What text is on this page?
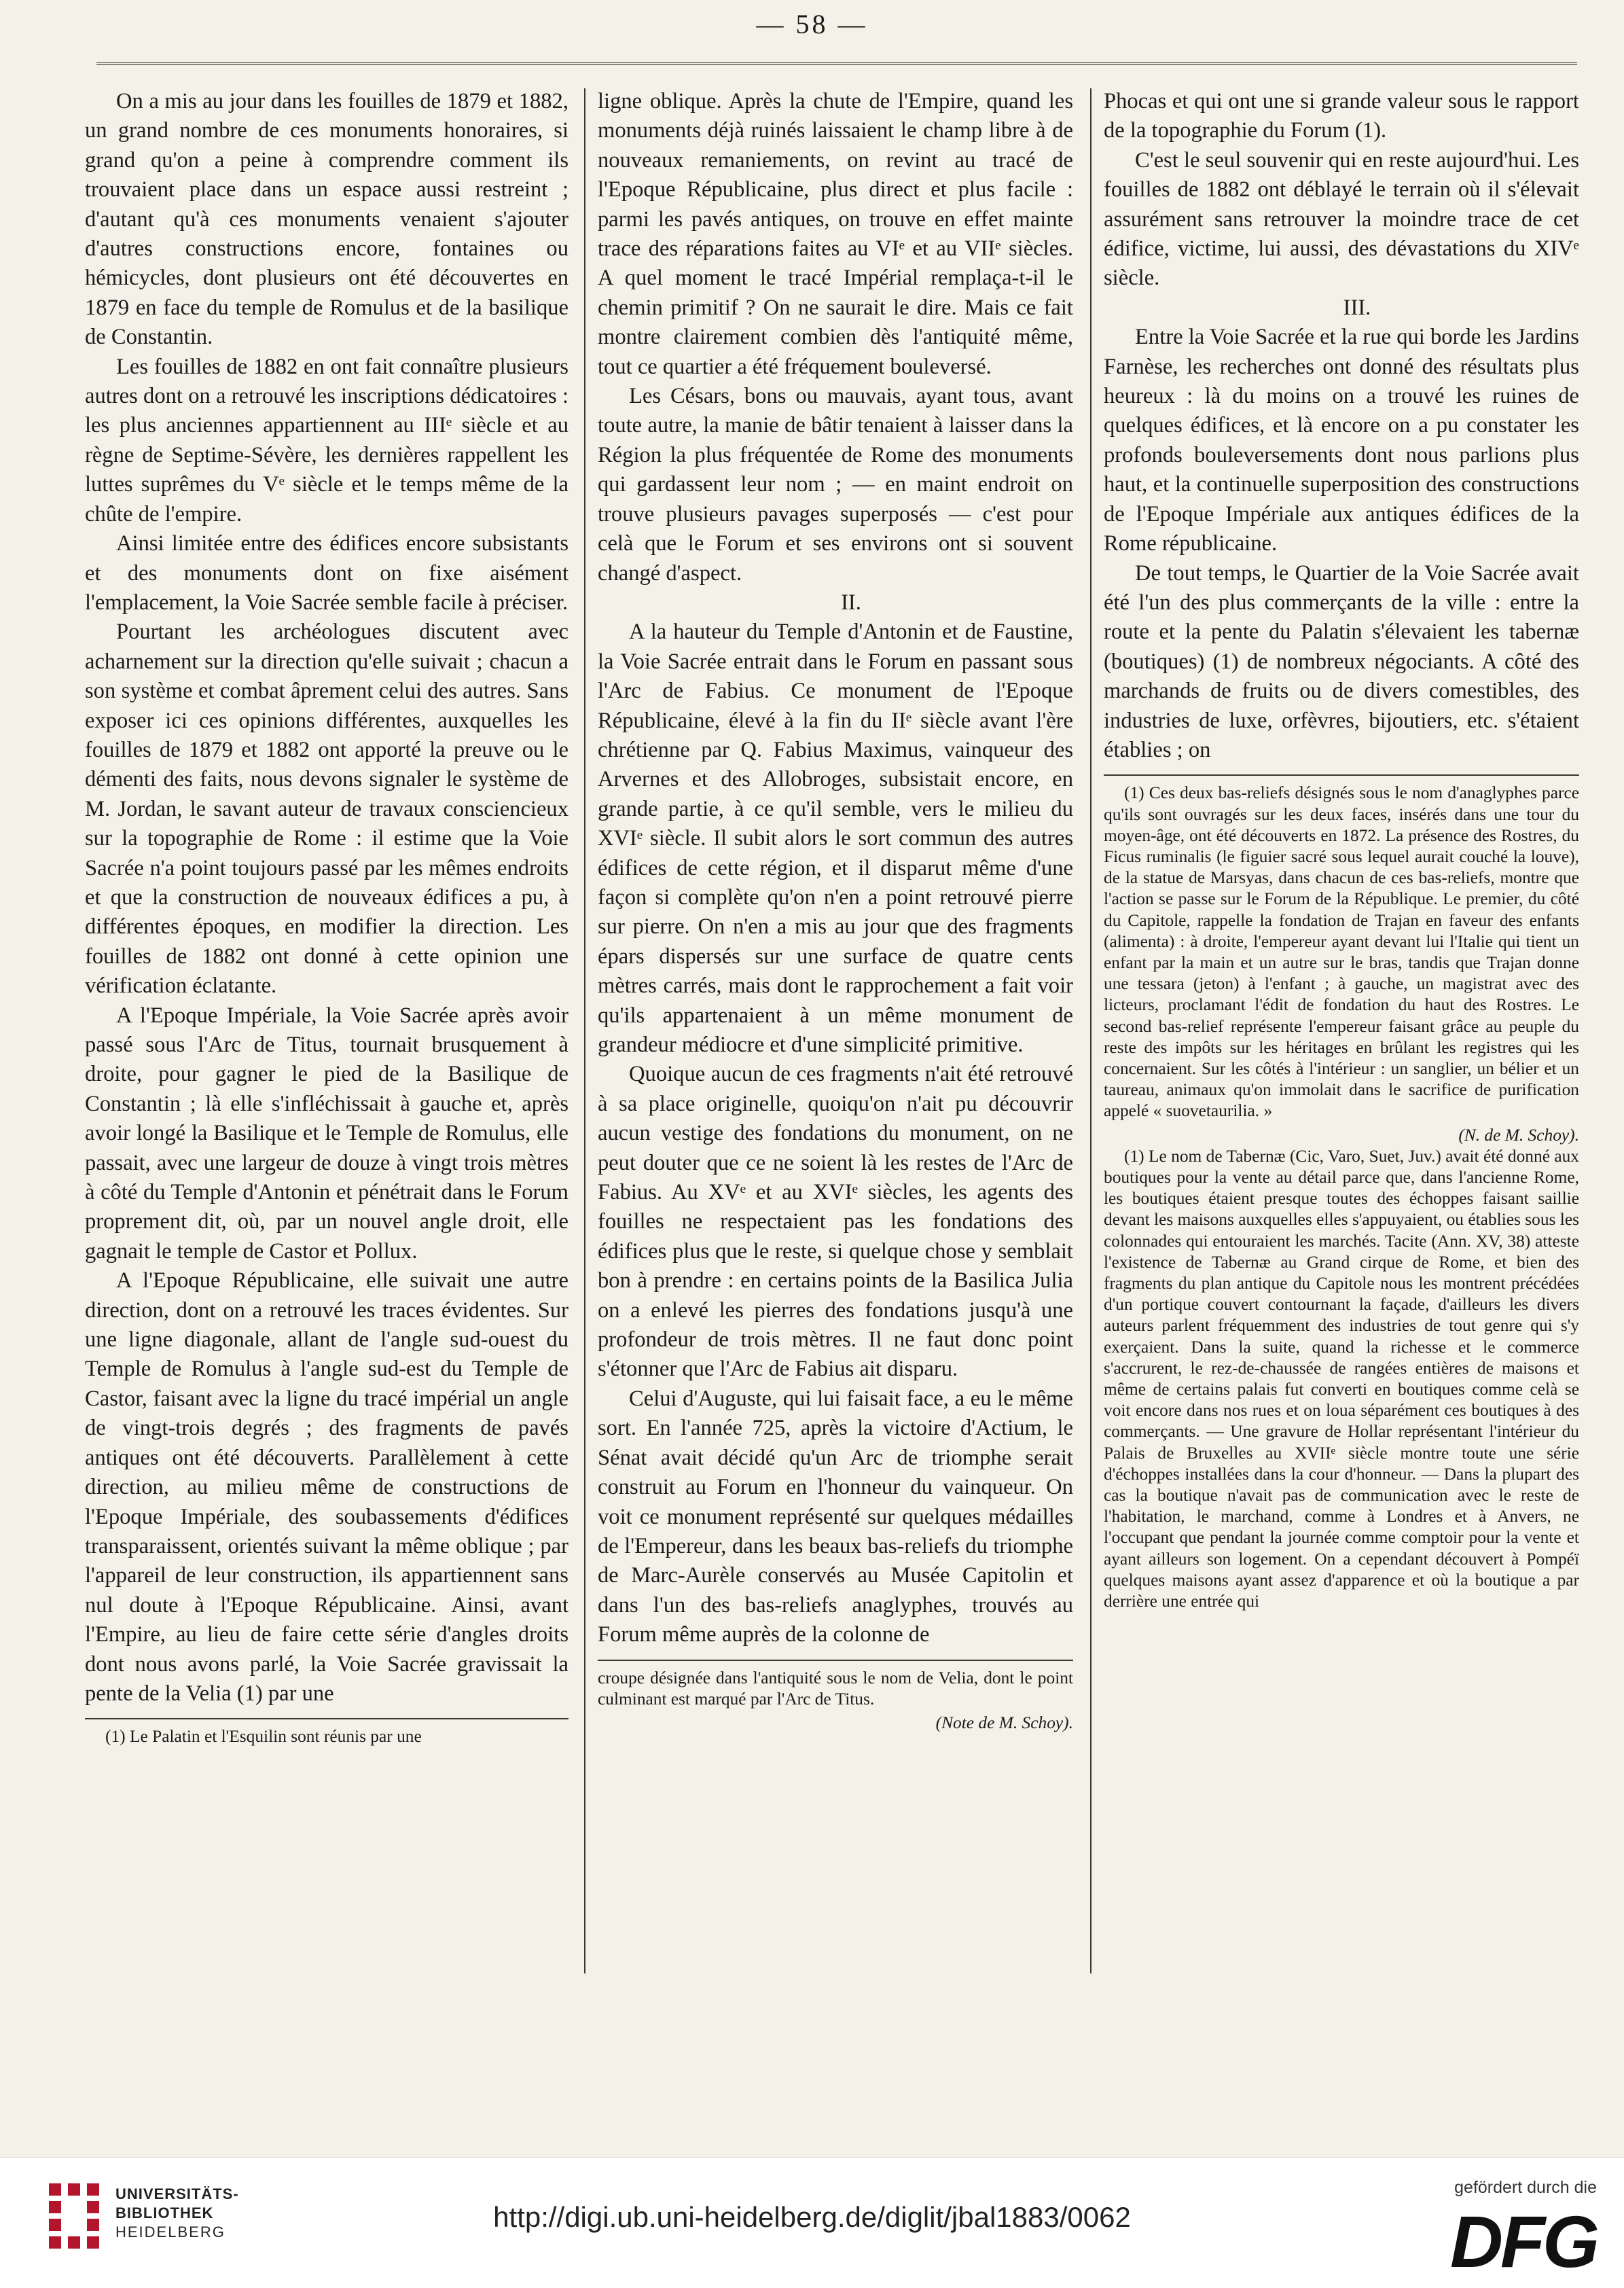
— 58 —

On a mis au jour dans les fouilles de 1879 et 1882, un grand nombre de ces monuments honoraires, si grand qu'on a peine à comprendre comment ils trouvaient place dans un espace aussi restreint ; d'autant qu'à ces monuments venaient s'ajouter d'autres constructions encore, fontaines ou hémicycles, dont plusieurs ont été découvertes en 1879 en face du temple de Romulus et de la basilique de Constantin.

Les fouilles de 1882 en ont fait connaître plusieurs autres dont on a retrouvé les inscriptions dédicatoires : les plus anciennes appartiennent au IIIᵉ siècle et au règne de Septime-Sévère, les dernières rappellent les luttes suprêmes du Vᵉ siècle et le temps même de la chûte de l'empire.

Ainsi limitée entre des édifices encore subsistants et des monuments dont on fixe aisément l'emplacement, la Voie Sacrée semble facile à préciser.

Pourtant les archéologues discutent avec acharnement sur la direction qu'elle suivait ; chacun a son système et combat âprement celui des autres. Sans exposer ici ces opinions différentes, auxquelles les fouilles de 1879 et 1882 ont apporté la preuve ou le démenti des faits, nous devons signaler le système de M. Jordan, le savant auteur de travaux consciencieux sur la topographie de Rome : il estime que la Voie Sacrée n'a point toujours passé par les mêmes endroits et que la construction de nouveaux édifices a pu, à différentes époques, en modifier la direction. Les fouilles de 1882 ont donné à cette opinion une vérification éclatante.

A l'Epoque Impériale, la Voie Sacrée après avoir passé sous l'Arc de Titus, tournait brusquement à droite, pour gagner le pied de la Basilique de Constantin ; là elle s'infléchissait à gauche et, après avoir longé la Basilique et le Temple de Romulus, elle passait, avec une largeur de douze à vingt trois mètres à côté du Temple d'Antonin et pénétrait dans le Forum proprement dit, où, par un nouvel angle droit, elle gagnait le temple de Castor et Pollux.

A l'Epoque Républicaine, elle suivait une autre direction, dont on a retrouvé les traces évidentes. Sur une ligne diagonale, allant de l'angle sud-ouest du Temple de Romulus à l'angle sud-est du Temple de Castor, faisant avec la ligne du tracé impérial un angle de vingt-trois degrés ; des fragments de pavés antiques ont été découverts. Parallèlement à cette direction, au milieu même de constructions de l'Epoque Impériale, des soubassements d'édifices transparaissent, orientés suivant la même oblique ; par l'appareil de leur construction, ils appartiennent sans nul doute à l'Epoque Républicaine. Ainsi, avant l'Empire, au lieu de faire cette série d'angles droits dont nous avons parlé, la Voie Sacrée gravissait la pente de la Velia (1) par une

(1) Le Palatin et l'Esquilin sont réunis par une

ligne oblique. Après la chute de l'Empire, quand les monuments déjà ruinés laissaient le champ libre à de nouveaux remaniements, on revint au tracé de l'Epoque Républicaine, plus direct et plus facile : parmi les pavés antiques, on trouve en effet mainte trace des réparations faites au VIᵉ et au VIIᵉ siècles. A quel moment le tracé Impérial remplaça-t-il le chemin primitif ? On ne saurait le dire. Mais ce fait montre clairement combien dès l'antiquité même, tout ce quartier a été fréquement bouleversé.

Les Césars, bons ou mauvais, ayant tous, avant toute autre, la manie de bâtir tenaient à laisser dans la Région la plus fréquentée de Rome des monuments qui gardassent leur nom ; — en maint endroit on trouve plusieurs pavages superposés — c'est pour celà que le Forum et ses environs ont si souvent changé d'aspect.

II.

A la hauteur du Temple d'Antonin et de Faustine, la Voie Sacrée entrait dans le Forum en passant sous l'Arc de Fabius. Ce monument de l'Epoque Républicaine, élevé à la fin du IIᵉ siècle avant l'ère chrétienne par Q. Fabius Maximus, vainqueur des Arvernes et des Allobroges, subsistait encore, en grande partie, à ce qu'il semble, vers le milieu du XVIᵉ siècle. Il subit alors le sort commun des autres édifices de cette région, et il disparut même d'une façon si complète qu'on n'en a point retrouvé pierre sur pierre. On n'en a mis au jour que des fragments épars dispersés sur une surface de quatre cents mètres carrés, mais dont le rapprochement a fait voir qu'ils appartenaient à un même monument de grandeur médiocre et d'une simplicité primitive.

Quoique aucun de ces fragments n'ait été retrouvé à sa place originelle, quoiqu'on n'ait pu découvrir aucun vestige des fondations du monument, on ne peut douter que ce ne soient là les restes de l'Arc de Fabius. Au XVᵉ et au XVIᵉ siècles, les agents des fouilles ne respectaient pas les fondations des édifices plus que le reste, si quelque chose y semblait bon à prendre : en certains points de la Basilica Julia on a enlevé les pierres des fondations jusqu'à une profondeur de trois mètres. Il ne faut donc point s'étonner que l'Arc de Fabius ait disparu.

Celui d'Auguste, qui lui faisait face, a eu le même sort. En l'année 725, après la victoire d'Actium, le Sénat avait décidé qu'un Arc de triomphe serait construit au Forum en l'honneur du vainqueur. On voit ce monument représenté sur quelques médailles de l'Empereur, dans les beaux bas-reliefs du triomphe de Marc-Aurèle conservés au Musée Capitolin et dans l'un des bas-reliefs anaglyphes, trouvés au Forum même auprès de la colonne de

croupe désignée dans l'antiquité sous le nom de Velia, dont le point culminant est marqué par l'Arc de Titus.

(Note de M. Schoy).

Phocas et qui ont une si grande valeur sous le rapport de la topographie du Forum (1).

C'est le seul souvenir qui en reste aujourd'hui. Les fouilles de 1882 ont déblayé le terrain où il s'élevait assurément sans retrouver la moindre trace de cet édifice, victime, lui aussi, des dévastations du XIVᵉ siècle.

III.

Entre la Voie Sacrée et la rue qui borde les Jardins Farnèse, les recherches ont donné des résultats plus heureux : là du moins on a trouvé les ruines de quelques édifices, et là encore on a pu constater les profonds bouleversements dont nous parlions plus haut, et la continuelle superposition des constructions de l'Epoque Impériale aux antiques édifices de la Rome républicaine.

De tout temps, le Quartier de la Voie Sacrée avait été l'un des plus commerçants de la ville : entre la route et la pente du Palatin s'élevaient les tabernæ (boutiques) (1) de nombreux négociants. A côté des marchands de fruits ou de divers comestibles, des industries de luxe, orfèvres, bijoutiers, etc. s'étaient établies ; on

(1) Ces deux bas-reliefs désignés sous le nom d'anaglyphes parce qu'ils sont ouvragés sur les deux faces, insérés dans une tour du moyen-âge, ont été découverts en 1872. La présence des Rostres, du Ficus ruminalis (le figuier sacré sous lequel aurait couché la louve), de la statue de Marsyas, dans chacun de ces bas-reliefs, montre que l'action se passe sur le Forum de la République. Le premier, du côté du Capitole, rappelle la fondation de Trajan en faveur des enfants (alimenta) : à droite, l'empereur ayant devant lui l'Italie qui tient un enfant par la main et un autre sur le bras, tandis que Trajan donne une tessara (jeton) à l'enfant ; à gauche, un magistrat avec des licteurs, proclamant l'édit de fondation du haut des Rostres. Le second bas-relief représente l'empereur faisant grâce au peuple du reste des impôts sur les héritages en brûlant les registres qui les concernaient. Sur les côtés à l'intérieur : un sanglier, un bélier et un taureau, animaux qu'on immolait dans le sacrifice de purification appelé « suovetaurilia. »

(N. de M. Schoy).

(1) Le nom de Tabernæ (Cic, Varo, Suet, Juv.) avait été donné aux boutiques pour la vente au détail parce que, dans l'ancienne Rome, les boutiques étaient presque toutes des échoppes faisant saillie devant les maisons auxquelles elles s'appuyaient, ou établies sous les colonnades qui entouraient les marchés. Tacite (Ann. XV, 38) atteste l'existence de Tabernæ au Grand cirque de Rome, et bien des fragments du plan antique du Capitole nous les montrent précédées d'un portique couvert contournant la façade, d'ailleurs les divers auteurs parlent fréquemment des industries de tout genre qui s'y exerçaient. Dans la suite, quand la richesse et le commerce s'accrurent, le rez-de-chaussée de rangées entières de maisons et même de certains palais fut converti en boutiques comme celà se voit encore dans nos rues et on loua séparément ces boutiques à des commerçants. — Une gravure de Hollar représentant l'intérieur du Palais de Bruxelles au XVIIᵉ siècle montre toute une série d'échoppes installées dans la cour d'honneur. — Dans la plupart des cas la boutique n'avait pas de communication avec le reste de l'habitation, le marchand, comme à Londres et à Anvers, ne l'occupant que pendant la journée comme comptoir pour la vente et ayant ailleurs son logement. On a cependant découvert à Pompéï quelques maisons ayant assez d'apparence et où la boutique a par derrière une entrée qui

UNIVERSITÄTS-
BIBLIOTHEK
HEIDELBERG	http://digi.ub.uni-heidelberg.de/diglit/jbal1883/0062
gefördert durch die
DFG
